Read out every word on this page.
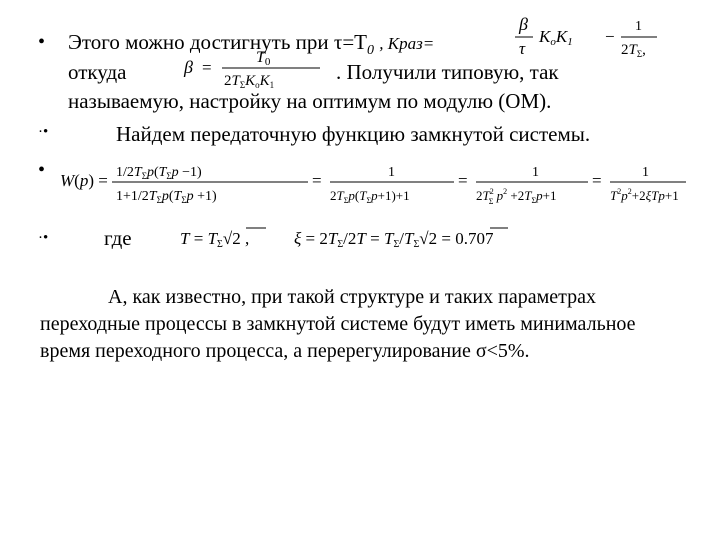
• Этого можно достигнуть при $\tau=T_0$ , Kраз=
β
τ
KoK1 −
1
$2T_\Sigma$,
откуда	β =
T0
$2T_\Sigma K_oK_1$
. Получили типовую, так
называемую, настройку на оптимум по модулю (ОМ).
·•	Найдем передаточную функцию замкнутой системы.
• $W(p) = 1/2T_\Sigma p(T_\Sigma p -1)$
$1+1/2T_\Sigma p(T_\Sigma p +1)$
=	1
$2T_\Sigma p(T_\Sigma p+1)+1$
=	1
$2T^2$ Σ $p^2 +2T_\Sigma p+1$
=	1
$T^2p^2+2\xi Tp+1$
·•	где	T = TΣ√2 ,	ξ = 2TΣ/2T = TΣ/TΣ√2 = 0.707
А, как известно, при такой структуре и таких параметрах переходные процессы в замкнутой системе будут иметь минимальное время переходного процесса, а перерегулирование σ<5%.
